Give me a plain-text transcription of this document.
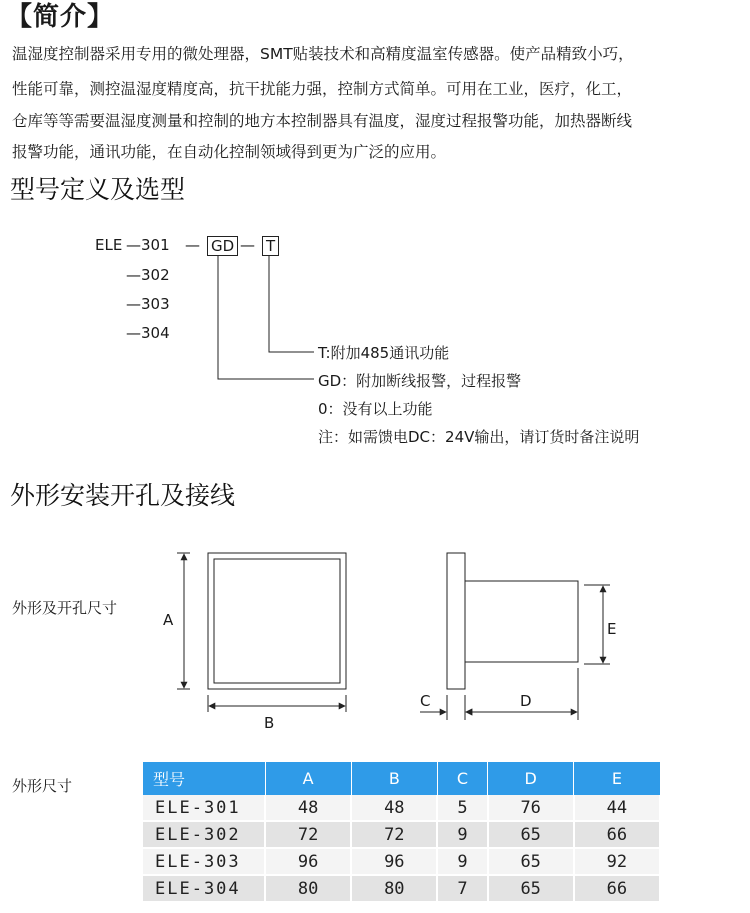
【简介】
温湿度控制器采用专用的微处理器，SMT贴装技术和高精度温室传感器。使产品精致小巧，
性能可靠，测控温湿度精度高，抗干扰能力强，控制方式简单。可用在工业，医疗，化工，
仓库等等需要温湿度测量和控制的地方本控制器具有温度，湿度过程报警功能，加热器断线
报警功能，通讯功能，在自动化控制领域得到更为广泛的应用。
型号定义及选型
ELE —301
—302
—303
—304
— GD — T
T:附加485通讯功能
GD：附加断线报警，过程报警
0：没有以上功能
注：如需馈电DC：24V输出，请订货时备注说明
外形安装开孔及接线
外形及开孔尺寸
A
B
C	D
E
外形尺寸	型号	A	B	C	D	E
ELE-301	48	48	5	76	44
ELE-302	72	72	9	65	66
ELE-303	96	96	9	65	92
ELE-304	80	80	7	65	66
